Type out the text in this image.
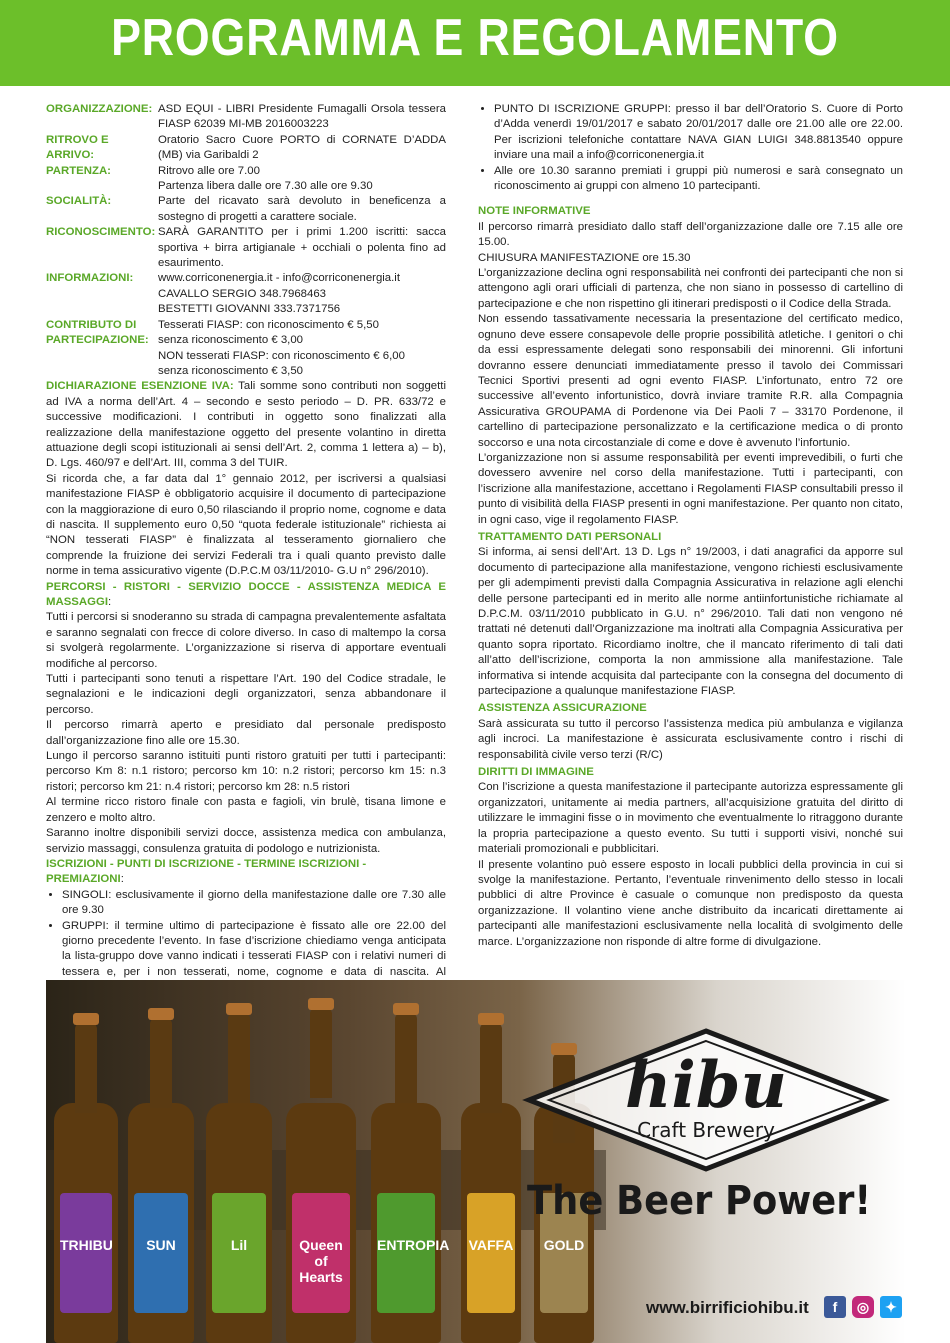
PROGRAMMA E REGOLAMENTO
ORGANIZZAZIONE: ASD EQUI - LIBRI Presidente Fumagalli Orsola tessera FIASP 62039 MI-MB 2016003223
RITROVO E ARRIVO:
Oratorio Sacro Cuore PORTO di CORNATE D’ADDA (MB) via Garibaldi 2
PARTENZA:	Ritrovo alle ore 7.00
Partenza libera dalle ore 7.30 alle ore 9.30
SOCIALITÀ:	Parte del ricavato sarà devoluto in beneficenza a sostegno di progetti a carattere sociale.
RICONOSCIMENTO: SARÀ GARANTITO per i primi 1.200 iscritti: sacca sportiva + birra artigianale + occhiali o polenta fino ad esaurimento.
INFORMAZIONI:	www.corriconenergia.it - info@corriconenergia.it
CAVALLO SERGIO 348.7968463
BESTETTI GIOVANNI 333.7371756
CONTRIBUTO DI
PARTECIPAZIONE:
Tesserati FIASP: con riconoscimento € 5,50
senza riconoscimento € 3,00
NON tesserati FIASP: con riconoscimento € 6,00
senza riconoscimento € 3,50

DICHIARAZIONE ESENZIONE IVA: Tali somme sono contributi non soggetti ad IVA a norma dell’Art. 4 – secondo e sesto periodo – D. PR. 633/72 e successive modificazioni. I contributi in oggetto sono finalizzati alla realizzazione della manifestazione oggetto del presente volantino in diretta attuazione degli scopi istituzionali ai sensi dell’Art. 2, comma 1 lettera a) – b), D. Lgs. 460/97 e dell’Art. III, comma 3 del TUIR.

Si ricorda che, a far data dal 1° gennaio 2012, per iscriversi a qualsiasi manifestazione FIASP è obbligatorio acquisire il documento di partecipazione con la maggiorazione di euro 0,50 rilasciando il proprio nome, cognome e data di nascita. Il supplemento euro 0,50 “quota federale istituzionale” richiesta ai “NON tesserati FIASP” è finalizzata al tesseramento giornaliero che comprende la fruizione dei servizi Federali tra i quali quanto previsto dalle norme in tema assicurativo vigente (D.P.C.M 03/11/2010- G.U n° 296/2010).

PERCORSI - RISTORI - SERVIZIO DOCCE - ASSISTENZA MEDICA E MASSAGGI:

Tutti i percorsi si snoderanno su strada di campagna prevalentemente asfaltata e saranno segnalati con frecce di colore diverso. In caso di maltempo la corsa si svolgerà regolarmente. L’organizzazione si riserva di apportare eventuali modifiche al percorso.

Tutti i partecipanti sono tenuti a rispettare l’Art. 190 del Codice stradale, le segnalazioni e le indicazioni degli organizzatori, senza abbandonare il percorso.

Il percorso rimarrà aperto e presidiato dal personale predisposto dall’organizzazione fino alle ore 15.30.

Lungo il percorso saranno istituiti punti ristoro gratuiti per tutti i partecipanti: percorso Km 8: n.1 ristoro; percorso km 10: n.2 ristori; percorso km 15: n.3 ristori; percorso km 21: n.4 ristori; percorso km 28: n.5 ristori

Al termine ricco ristoro finale con pasta e fagioli, vin brulè, tisana limone e zenzero e molto altro.

Saranno inoltre disponibili servizi docce, assistenza medica con ambulanza, servizio massaggi, consulenza gratuita di podologo e nutrizionista.

ISCRIZIONI - PUNTI DI ISCRIZIONE - TERMINE ISCRIZIONI - PREMIAZIONI:

• SINGOLI: esclusivamente il giorno della manifestazione dalle ore 7.30 alle ore 9.30
• GRUPPI: il termine ultimo di partecipazione è fissato alle ore 22.00 del giorno precedente l’evento. In fase d’iscrizione chiediamo venga anticipata la lista-gruppo dove vanno indicati i tesserati FIASP con i relativi numeri di tessera e, per i non tesserati, nome, cognome e data di nascita. Al
• PUNTO DI ISCRIZIONE GRUPPI: presso il bar dell’Oratorio S. Cuore di Porto d’Adda venerdì 19/01/2017 e sabato 20/01/2017 dalle ore 21.00 alle ore 22.00. Per iscrizioni telefoniche contattare NAVA GIAN LUIGI 348.8813540 oppure inviare una mail a info@corriconenergia.it
• Alle ore 10.30 saranno premiati i gruppi più numerosi e sarà consegnato un riconoscimento ai gruppi con almeno 10 partecipanti.
NOTE INFORMATIVE

Il percorso rimarrà presidiato dallo staff dell’organizzazione dalle ore 7.15 alle ore 15.00.

CHIUSURA MANIFESTAZIONE ore 15.30

L’organizzazione declina ogni responsabilità nei confronti dei partecipanti che non si attengono agli orari ufficiali di partenza, che non siano in possesso di cartellino di partecipazione e che non rispettino gli itinerari predisposti o il Codice della Strada.

Non essendo tassativamente necessaria la presentazione del certificato medico, ognuno deve essere consapevole delle proprie possibilità atletiche. I genitori o chi da essi espressamente delegati sono responsabili dei minorenni. Gli infortuni dovranno essere denunciati immediatamente presso il tavolo dei Commissari Tecnici Sportivi presenti ad ogni evento FIASP. L’infortunato, entro 72 ore successive all’evento infortunistico, dovrà inviare tramite R.R. alla Compagnia Assicurativa GROUPAMA di Pordenone via Dei Paoli 7 – 33170 Pordenone, il cartellino di partecipazione personalizzato e la certificazione medica o di pronto soccorso e una nota circostanziale di come e dove è avvenuto l’infortunio.

L’organizzazione non si assume responsabilità per eventi imprevedibili, o furti che dovessero avvenire nel corso della manifestazione. Tutti i partecipanti, con l’iscrizione alla manifestazione, accettano i Regolamenti FIASP consultabili presso il punto di visibilità della FIASP presenti in ogni manifestazione. Per quanto non citato, in ogni caso, vige il regolamento FIASP.

TRATTAMENTO DATI PERSONALI

Si informa, ai sensi dell’Art. 13 D. Lgs n° 19/2003, i dati anagrafici da apporre sul documento di partecipazione alla manifestazione, vengono richiesti esclusivamente per gli adempimenti previsti dalla Compagnia Assicurativa in relazione agli elenchi delle persone partecipanti ed in merito alle norme antiinfortunistiche richiamate al D.P.C.M. 03/11/2010 pubblicato in G.U. n° 296/2010. Tali dati non vengono né trattati né detenuti dall’Organizzazione ma inoltrati alla Compagnia Assicurativa per quanto sopra riportato. Ricordiamo inoltre, che il mancato riferimento di tali dati all’atto dell’iscrizione, comporta la non ammissione alla manifestazione. Tale informativa si intende acquisita dal partecipante con la consegna del documento di partecipazione a qualunque manifestazione FIASP.

ASSISTENZA ASSICURAZIONE

Sarà assicurata su tutto il percorso l’assistenza medica più ambulanza e vigilanza agli incroci. La manifestazione è assicurata esclusivamente contro i rischi di responsabilità civile verso terzi (R/C)

DIRITTI DI IMMAGINE

Con l’iscrizione a questa manifestazione il partecipante autorizza espressamente gli organizzatori, unitamente ai media partners, all’acquisizione gratuita del diritto di utilizzare le immagini fisse o in movimento che eventualmente lo ritraggono durante la propria partecipazione a questo evento. Su tutti i supporti visivi, nonché sui materiali promozionali e pubblicitari.

Il presente volantino può essere esposto in locali pubblici della provincia in cui si svolge la manifestazione. Pertanto, l’eventuale rinvenimento dello stesso in locali pubblici di altre Province è casuale o comunque non predisposto da questa organizzazione. Il volantino viene anche distribuito da incaricati direttamente ai partecipanti alle manifestazioni esclusivamente nella località di svolgimento delle marce. L’organizzazione non risponde di altre forme di divulgazione.

TRHIBU	SUN	Lil	Queen of Hearts
ENTROPIA VAFFA GOLD
hibu
Craft Brewery
The Beer Power!
www.birrificiohibu.it	f	◎	✦
